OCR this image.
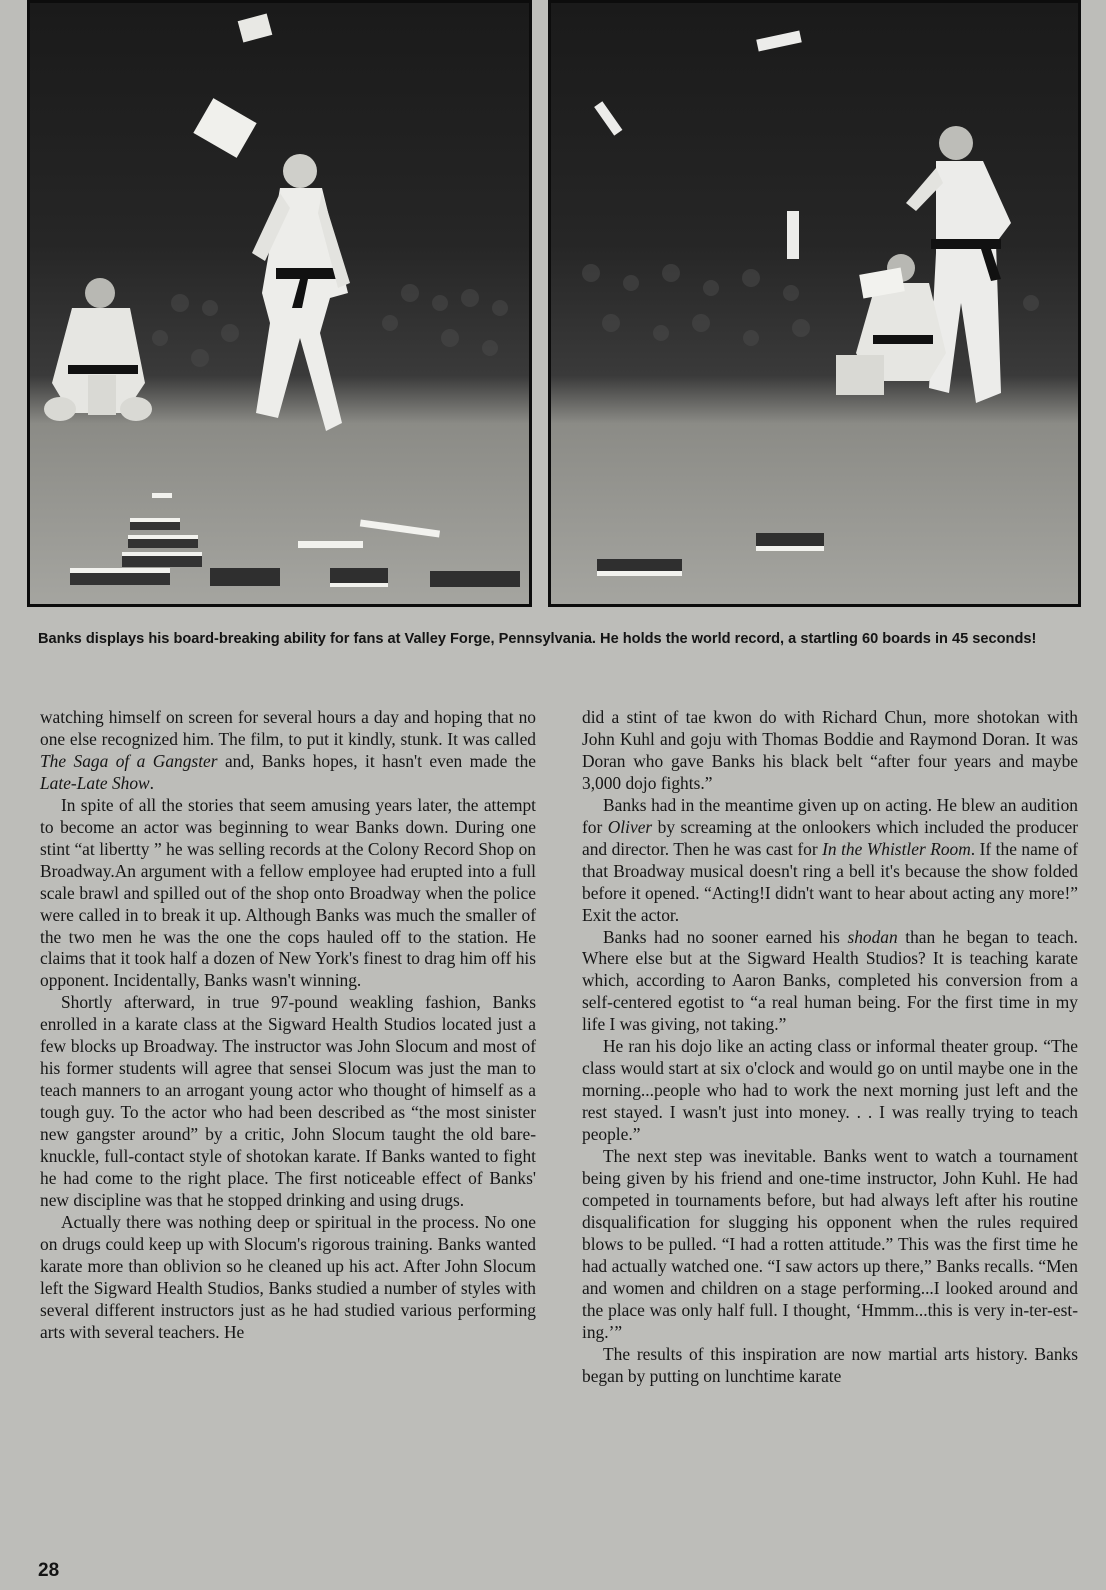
Banks displays his board-breaking ability for fans at Valley Forge, Pennsylvania. He holds the world record, a startling 60 boards in 45 seconds!

watching himself on screen for several hours a day and hoping that no one else recognized him. The film, to put it kindly, stunk. It was called The Saga of a Gangster and, Banks hopes, it hasn't even made the Late-Late Show.

In spite of all the stories that seem amusing years later, the attempt to become an actor was beginning to wear Banks down. During one stint “at libertty ” he was selling records at the Colony Record Shop on Broadway.An argument with a fellow employee had erupted into a full scale brawl and spilled out of the shop onto Broadway when the police were called in to break it up. Although Banks was much the smaller of the two men he was the one the cops hauled off to the station. He claims that it took half a dozen of New York's finest to drag him off his opponent. Incidentally, Banks wasn't winning.

Shortly afterward, in true 97-pound weakling fashion, Banks enrolled in a karate class at the Sigward Health Studios located just a few blocks up Broadway. The instructor was John Slocum and most of his former students will agree that sensei Slocum was just the man to teach manners to an arrogant young actor who thought of himself as a tough guy. To the actor who had been described as “the most sinister new gangster around” by a critic, John Slocum taught the old bare-knuckle, full-contact style of shotokan karate. If Banks wanted to fight he had come to the right place. The first noticeable effect of Banks' new discipline was that he stopped drinking and using drugs.

Actually there was nothing deep or spiritual in the process. No one on drugs could keep up with Slocum's rigorous training. Banks wanted karate more than oblivion so he cleaned up his act. After John Slocum left the Sigward Health Studios, Banks studied a number of styles with several different instructors just as he had studied various performing arts with several teachers. He

did a stint of tae kwon do with Richard Chun, more shotokan with John Kuhl and goju with Thomas Boddie and Raymond Doran. It was Doran who gave Banks his black belt “after four years and maybe 3,000 dojo fights.”

Banks had in the meantime given up on acting. He blew an audition for Oliver by screaming at the onlookers which included the producer and director. Then he was cast for In the Whistler Room. If the name of that Broadway musical doesn't ring a bell it's because the show folded before it opened. “Acting!I didn't want to hear about acting any more!” Exit the actor.

Banks had no sooner earned his shodan than he began to teach. Where else but at the Sigward Health Studios? It is teaching karate which, according to Aaron Banks, completed his conversion from a self-centered egotist to “a real human being. For the first time in my life I was giving, not taking.”

He ran his dojo like an acting class or informal theater group. “The class would start at six o'clock and would go on until maybe one in the morning...people who had to work the next morning just left and the rest stayed. I wasn't just into money. . . I was really trying to teach people.”

The next step was inevitable. Banks went to watch a tournament being given by his friend and one-time instructor, John Kuhl. He had competed in tournaments before, but had always left after his routine disqualification for slugging his opponent when the rules required blows to be pulled. “I had a rotten attitude.” This was the first time he had actually watched one. “I saw actors up there,” Banks recalls. “Men and women and children on a stage performing...I looked around and the place was only half full. I thought, ‘Hmmm...this is very in-ter-est-ing.’”

The results of this inspiration are now martial arts history. Banks began by putting on lunchtime karate

28
